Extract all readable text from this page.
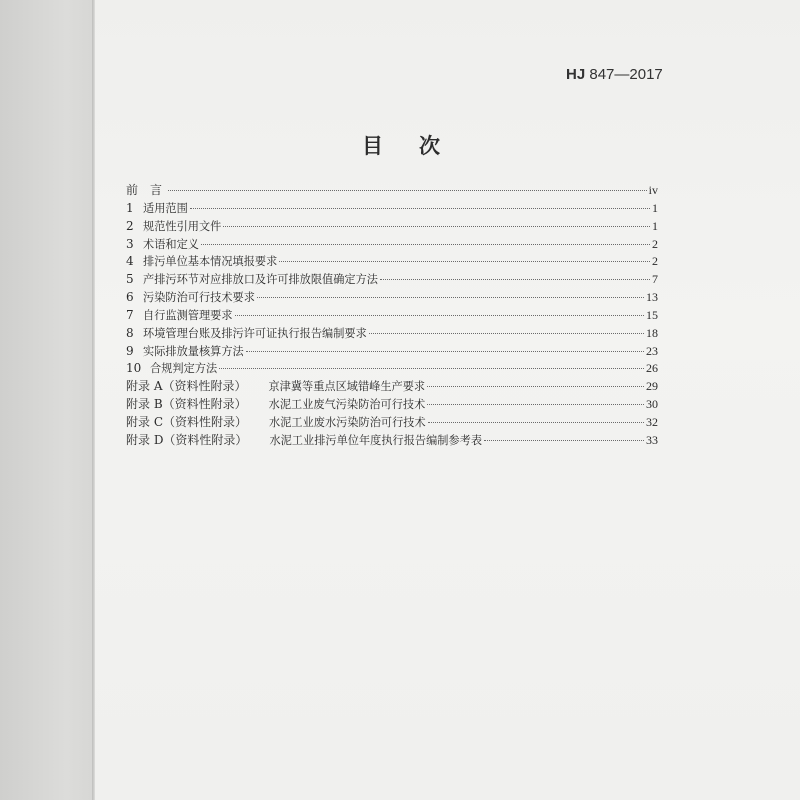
HJ 847—2017
目次
前　言	iv
1 适用范围	1
2 规范性引用文件	1
3 术语和定义	2
4 排污单位基本情况填报要求	2
5 产排污环节对应排放口及许可排放限值确定方法	7
6 污染防治可行技术要求	13
7 自行监测管理要求	15
8 环境管理台账及排污许可证执行报告编制要求	18
9 实际排放量核算方法	23
10 合规判定方法	26
附录 A（资料性附录） 京津冀等重点区域错峰生产要求	29
附录 B（资料性附录） 水泥工业废气污染防治可行技术	30
附录 C（资料性附录） 水泥工业废水污染防治可行技术	32
附录 D（资料性附录） 水泥工业排污单位年度执行报告编制参考表	33
